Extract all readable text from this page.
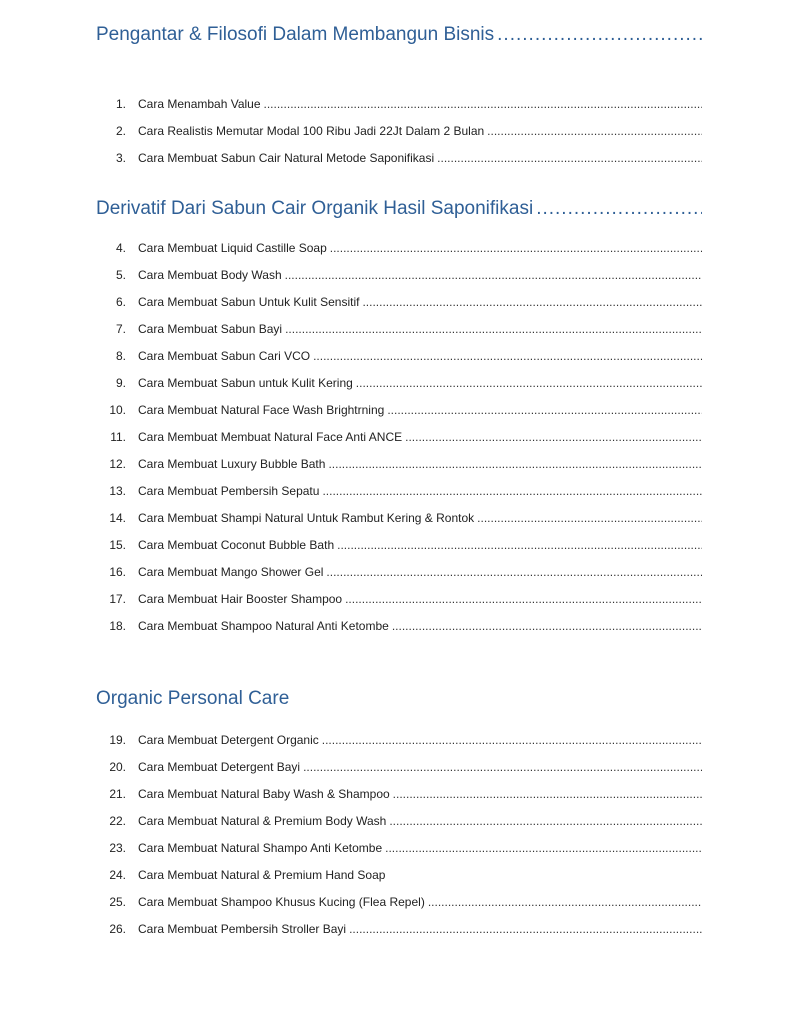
Pengantar & Filosofi Dalam Membangun Bisnis
.....
1.	Cara Menambah Value
.....
2.	Cara Realistis Memutar Modal 100 Ribu Jadi 22Jt Dalam 2 Bulan
.....
3.	Cara Membuat Sabun Cair Natural Metode Saponifikasi
.....
Derivatif Dari Sabun Cair Organik Hasil Saponifikasi
.....
4.	Cara Membuat Liquid Castille Soap
.....
5.	Cara Membuat Body Wash
.....
6.	Cara Membuat Sabun Untuk Kulit Sensitif
.....
7.	Cara Membuat Sabun Bayi
.....
8.	Cara Membuat Sabun Cari VCO
.....
9.	Cara Membuat Sabun untuk Kulit Kering
.....
10.	Cara Membuat Natural Face Wash Brightrning
.....
11.	Cara Membuat Membuat Natural Face Anti ANCE
.....
12.	Cara Membuat Luxury Bubble Bath
.....
13.	Cara Membuat Pembersih Sepatu
.....
14.	Cara Membuat Shampi Natural Untuk Rambut Kering & Rontok
.....
15.	Cara Membuat Coconut Bubble Bath
.....
16.	Cara Membuat Mango Shower Gel
.....
17.	Cara Membuat Hair Booster Shampoo
.....
18.	Cara Membuat Shampoo Natural Anti Ketombe
.....
Organic Personal Care
19.	Cara Membuat Detergent Organic
.....
20.	Cara Membuat Detergent Bayi
.....
21.	Cara Membuat Natural Baby Wash & Shampoo
.....
22.	Cara Membuat Natural & Premium Body Wash
.....
23.	Cara Membuat Natural Shampo Anti Ketombe
.....
24.	Cara Membuat Natural & Premium Hand Soap
25.	Cara Membuat Shampoo Khusus Kucing (Flea Repel)
.....
26.	Cara Membuat Pembersih Stroller Bayi
.....
